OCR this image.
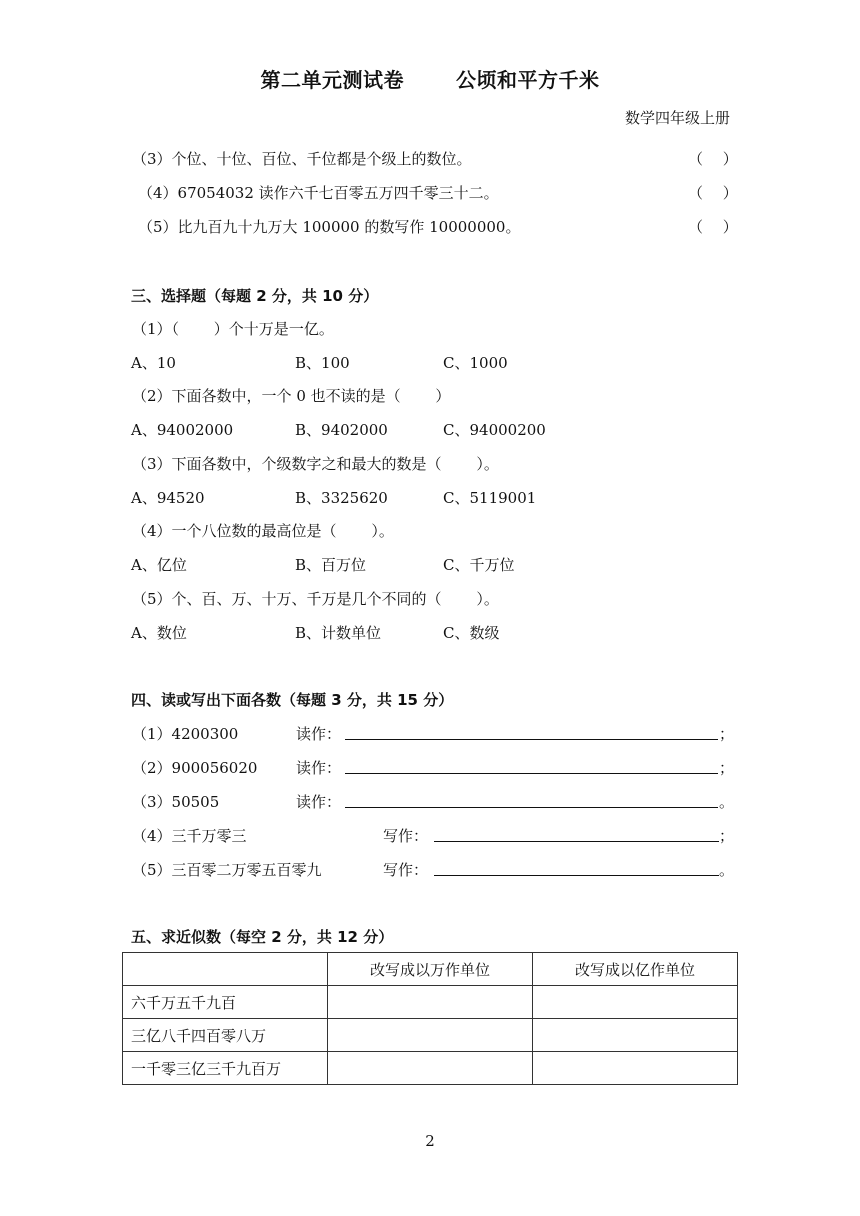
第二单元测试卷	公顷和平方千米
数学四年级上册
（3）个位、十位、百位、千位都是个级上的数位。	（　 ）
（4）67054032 读作六千七百零五万四千零三十二。	（　 ）
（5）比九百九十九万大 100000 的数写作 10000000。	（　 ）
三、选择题（每题 2 分，共 10 分）
（1）（　　 ）个十万是一亿。
A、10	B、100	C、1000
（2）下面各数中，一个 0 也不读的是（　　 ）
A、94002000	B、9402000	C、94000200
（3）下面各数中，个级数字之和最大的数是（　　 ）。
A、94520	B、3325620	C、5119001
（4）一个八位数的最高位是（　　 ）。
A、亿位	B、百万位	C、千万位
（5）个、百、万、十万、千万是几个不同的（　　 ）。
A、数位	B、计数单位	C、数级
四、读或写出下面各数（每题 3 分，共 15 分）
（1）4200300	读作：	；
（2）900056020	读作：	；
（3）50505	读作：	。
（4）三千万零三	写作：	；
（5）三百零二万零五百零九	写作：	。
五、求近似数（每空 2 分，共 12 分）
	改写成以万作单位	改写成以亿作单位
六千万五千九百		
三亿八千四百零八万		
一千零三亿三千九百万		
2
